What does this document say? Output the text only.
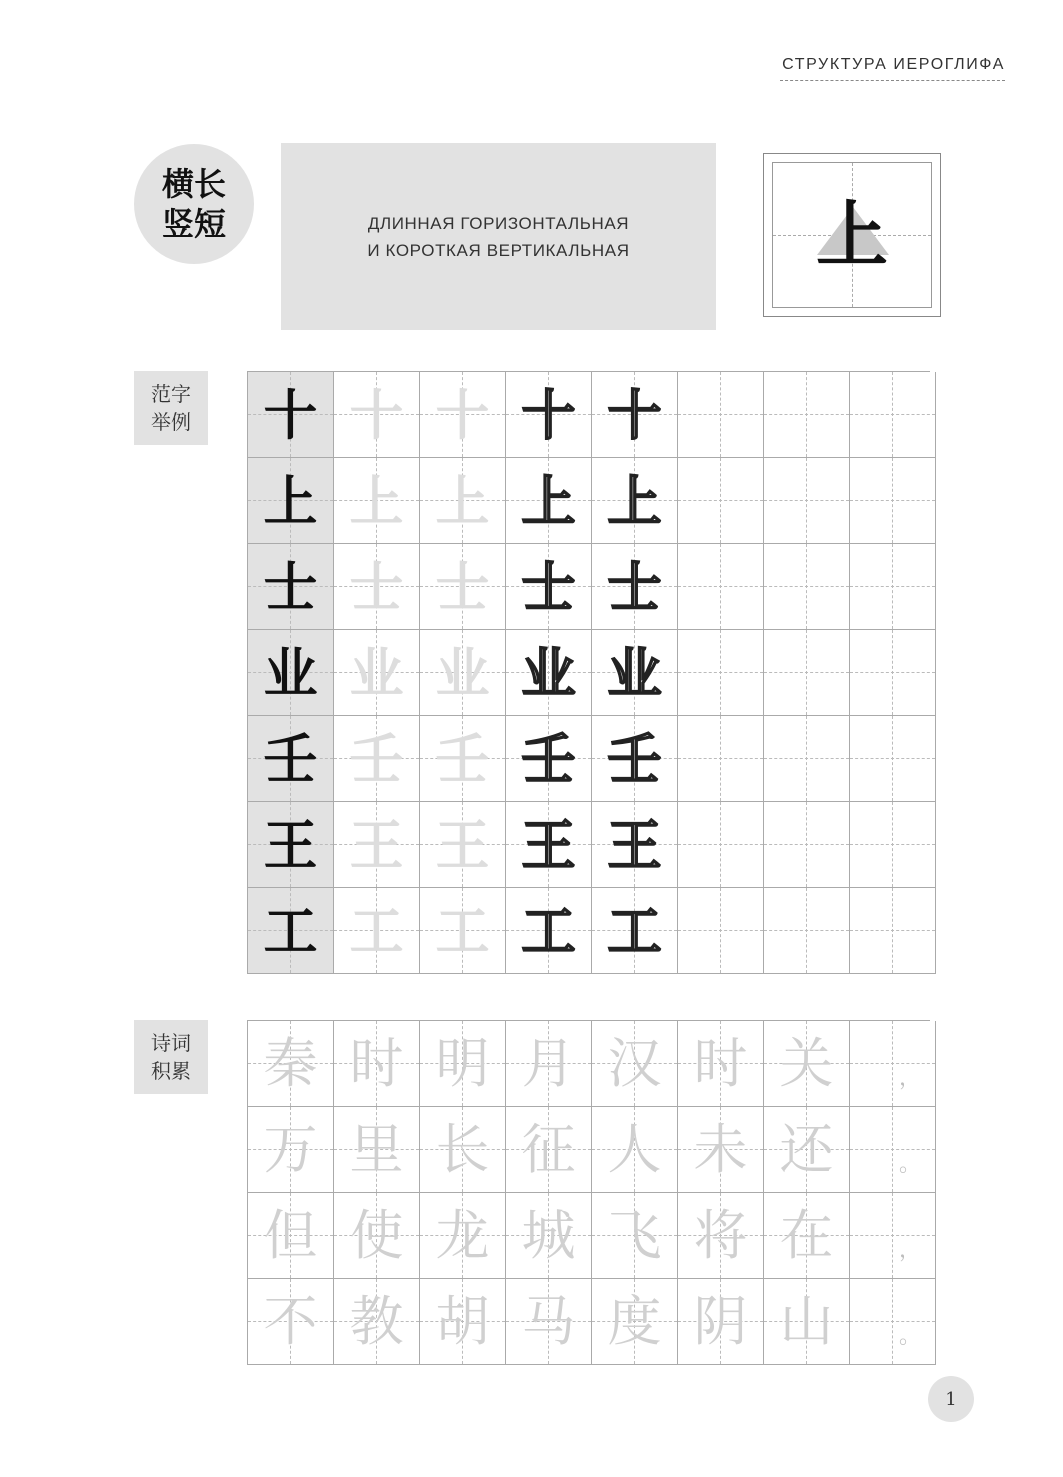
СТРУКТУРА ИЕРОГЛИФА
横长
竖短	ДЛИННАЯ ГОРИЗОНТАЛЬНАЯ
И КОРОТКАЯ ВЕРТИКАЛЬНАЯ	上
范字
举例 十 十 十 十 十
上 上 上 上 上
士 士 士 士 士
业 业 业 业 业
壬 壬 壬 壬 壬
王 王 王 王 王
工 工 工 工 工
诗词
积累 秦 时 明 月 汉 时 关	，
万 里 长 征 人 未 还	。
但 使 龙 城 飞 将 在	，
不 教 胡 马 度 阴 山	。
1
